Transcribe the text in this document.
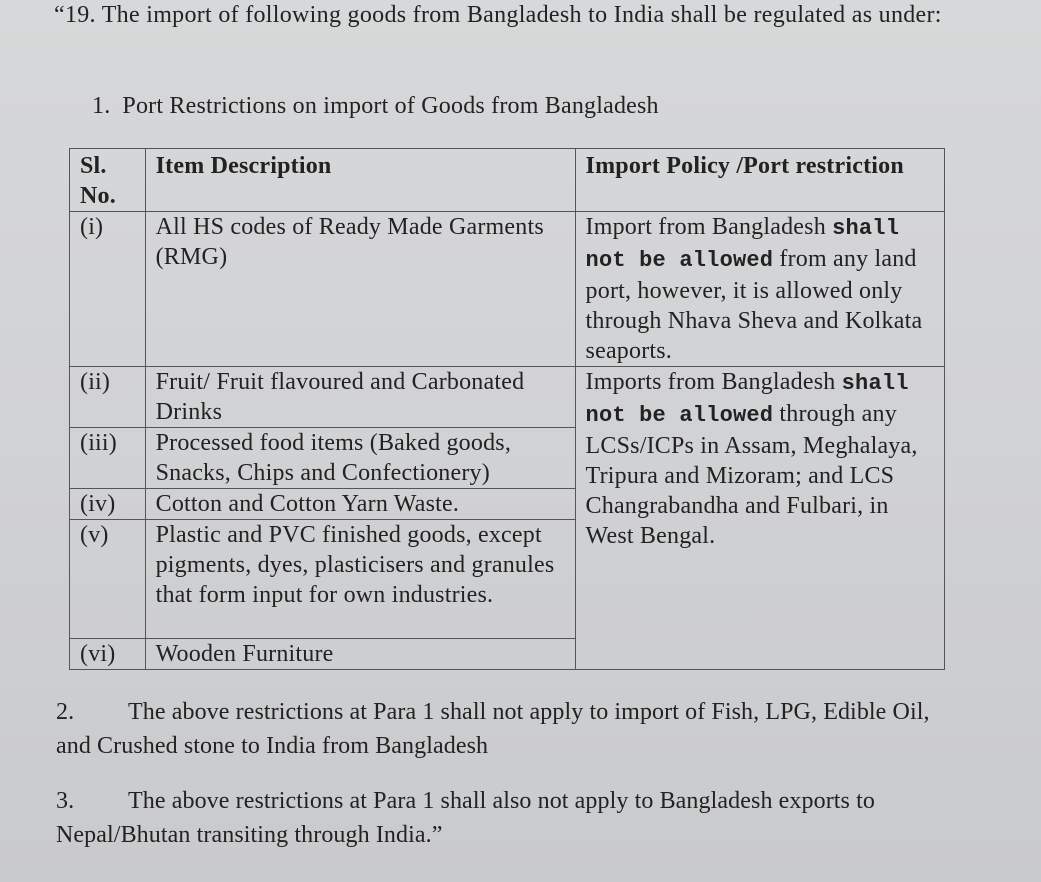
“19. The import of following goods from Bangladesh to India shall be regulated as under:
1. Port Restrictions on import of Goods from Bangladesh
Sl. No.	Item Description	Import Policy /Port restriction
(i)	All HS codes of Ready Made Garments (RMG)	Import from Bangladesh shall not be allowed from any land port, however, it is allowed only through Nhava Sheva and Kolkata seaports.
(ii)	Fruit/ Fruit flavoured and Carbonated Drinks	Imports from Bangladesh shall not be allowed through any LCSs/ICPs in Assam, Meghalaya, Tripura and Mizoram; and LCS Changrabandha and Fulbari, in West Bengal.
(iii)	Processed food items (Baked goods, Snacks, Chips and Confectionery)	
(iv)	Cotton and Cotton Yarn Waste.	
(v)	Plastic and PVC finished goods, except pigments, dyes, plasticisers and granules that form input for own industries.	
(vi)	Wooden Furniture	
2. The above restrictions at Para 1 shall not apply to import of Fish, LPG, Edible Oil, and Crushed stone to India from Bangladesh
3. The above restrictions at Para 1 shall also not apply to Bangladesh exports to Nepal/Bhutan transiting through India.”
